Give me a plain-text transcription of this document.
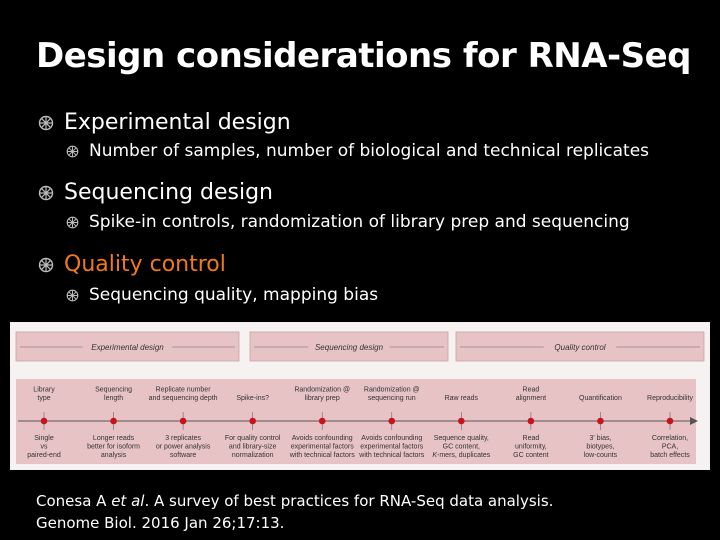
Design considerations for RNA-Seq
Experimental design
Number of samples, number of biological and technical replicates
Sequencing design
Spike-in controls, randomization of library prep and sequencing
Quality control
Sequencing quality, mapping bias
Experimental design	Sequencing design	Quality control
Library
type
Single
vs
paired-end
Sequencing
length
Longer reads
better for isoform
analysis
Replicate number
and sequencing depth
3 replicates
or power analysis
software
Spike-ins?
For quality control
and library-size
normalization
Randomization @
library prep
Avoids confounding
experimental factors
with technical factors
Randomization @
sequencing run
Avoids confounding
experimental factors
with technical factors
Raw reads
Sequence quality,
GC content,
K-mers, duplicates
Read
alignment
Read
uniformity,
GC content
Quantification
3' bias,
biotypes,
low-counts
Reproducibility
Correlation,
PCA,
batch effects
Conesa A et al. A survey of best practices for RNA-Seq data analysis.
Genome Biol. 2016 Jan 26;17:13.
